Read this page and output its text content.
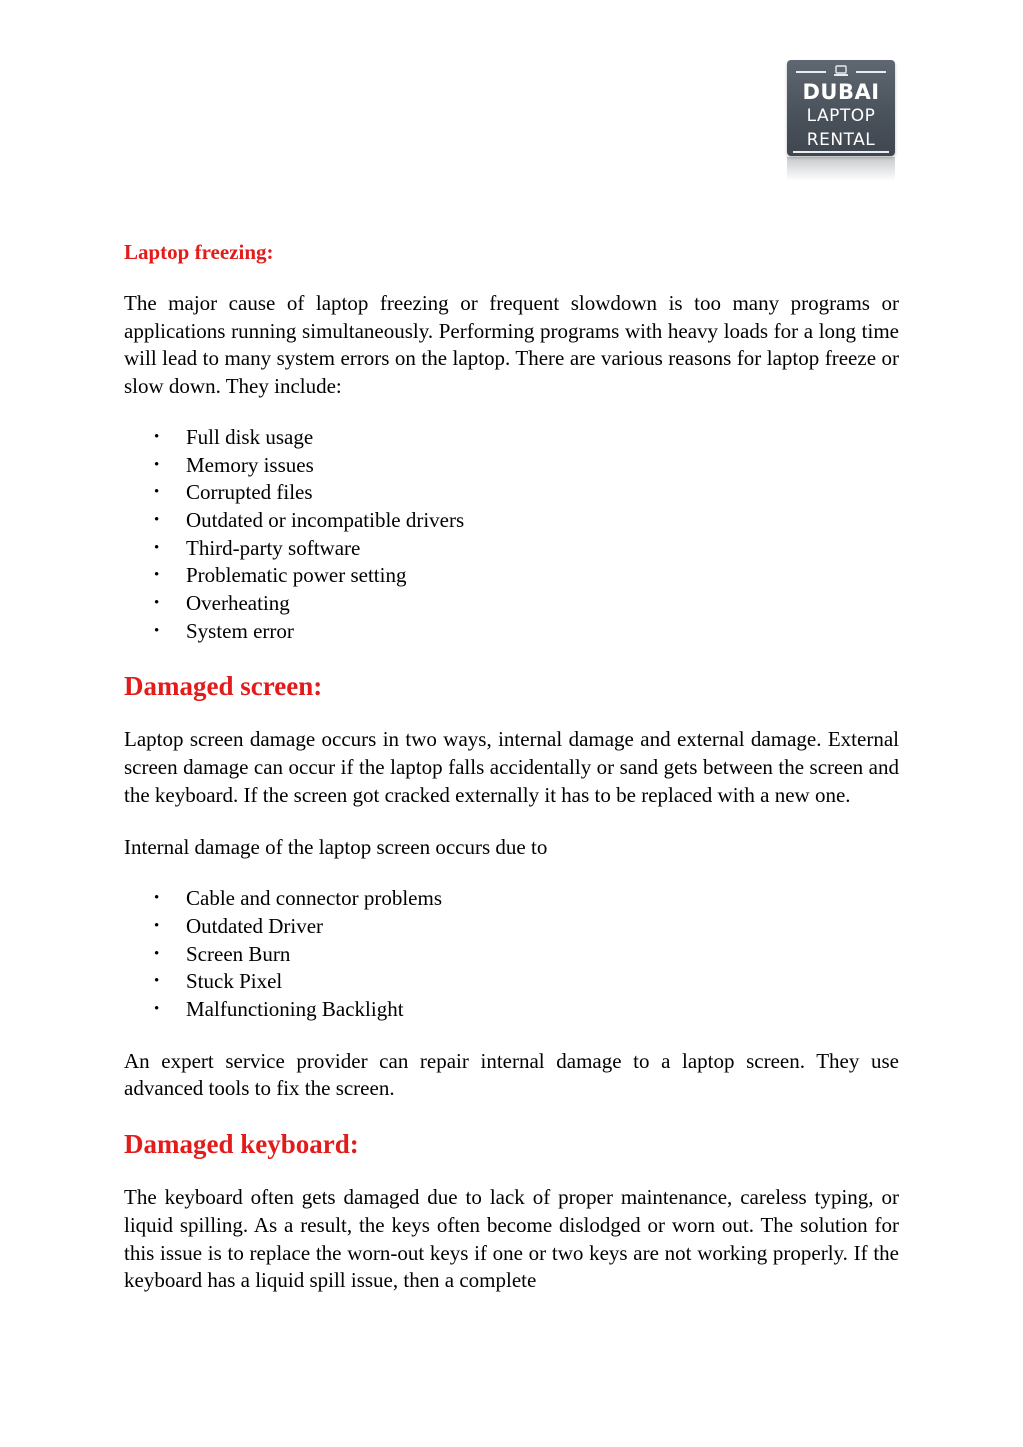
DUBAI
LAPTOP
RENTAL
Laptop freezing:

The major cause of laptop freezing or frequent slowdown is too many programs or applications running simultaneously. Performing programs with heavy loads for a long time will lead to many system errors on the laptop. There are various reasons for laptop freeze or slow down. They include:

• Full disk usage
• Memory issues
• Corrupted files
• Outdated or incompatible drivers
• Third-party software
• Problematic power setting
• Overheating
• System error
Damaged screen:

Laptop screen damage occurs in two ways, internal damage and external damage. External screen damage can occur if the laptop falls accidentally or sand gets between the screen and the keyboard. If the screen got cracked externally it has to be replaced with a new one.

Internal damage of the laptop screen occurs due to

• Cable and connector problems
• Outdated Driver
• Screen Burn
• Stuck Pixel
• Malfunctioning Backlight

An expert service provider can repair internal damage to a laptop screen. They use advanced tools to fix the screen.

Damaged keyboard:

The keyboard often gets damaged due to lack of proper maintenance, careless typing, or liquid spilling. As a result, the keys often become dislodged or worn out. The solution for this issue is to replace the worn-out keys if one or two keys are not working properly. If the keyboard has a liquid spill issue, then a complete
